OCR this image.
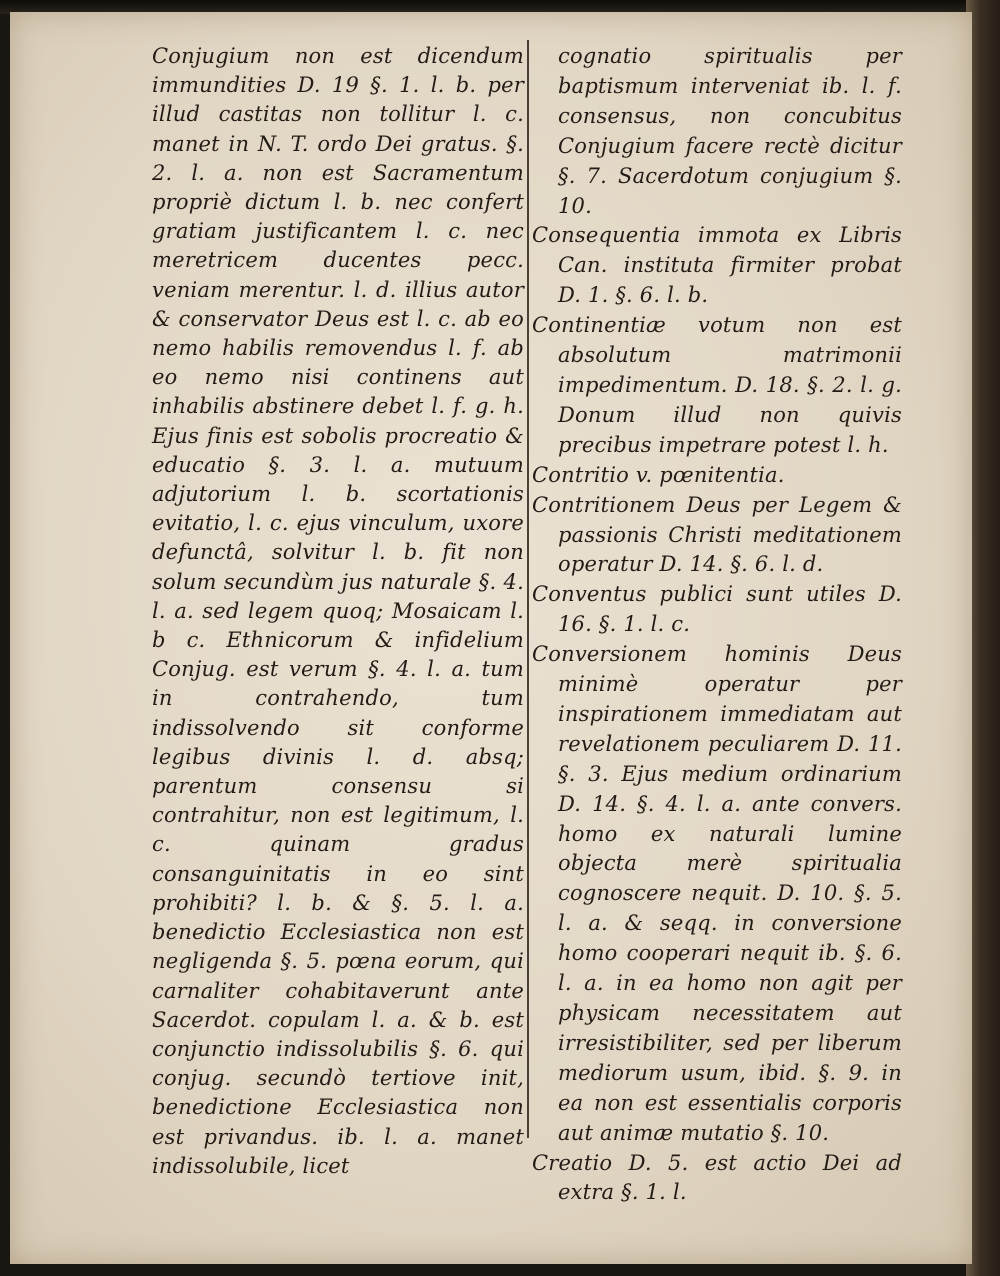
Conjugium non est dicendum immundities D. 19 §. 1. l. b. per illud castitas non tollitur l. c. manet in N. T. ordo Dei gratus. §. 2. l. a. non est Sacramentum propriè dictum l. b. nec confert gratiam justificantem l. c. nec meretricem ducentes pecc. veniam merentur. l. d. illius autor & conservator Deus est l. c. ab eo nemo habilis removendus l. f. ab eo nemo nisi continens aut inhabilis abstinere debet l. f. g. h. Ejus finis est sobolis procreatio & educatio §. 3. l. a. mutuum adjutorium l. b. scortationis evitatio, l. c. ejus vinculum, uxore defunctâ, solvitur l. b. fit non solum secundùm jus naturale §. 4. l. a. sed legem quoq; Mosaicam l. b c. Ethnicorum & infidelium Conjug. est verum §. 4. l. a. tum in contrahendo, tum indissolvendo sit conforme legibus divinis l. d. absq; parentum consensu si contrahitur, non est legitimum, l. c. quinam gradus consanguinitatis in eo sint prohibiti? l. b. & §. 5. l. a. benedictio Ecclesiastica non est negligenda §. 5. pœna eorum, qui carnaliter cohabitaverunt ante Sacerdot. copulam l. a. & b. est conjunctio indissolubilis §. 6. qui conjug. secundò tertiove init, benedictione Ecclesiastica non est privandus. ib. l. a. manet indissolubile, licet

cognatio spiritualis per baptismum interveniat ib. l. f. consensus, non concubitus Conjugium facere rectè dicitur §. 7. Sacerdotum conjugium §. 10.

Consequentia immota ex Libris Can. instituta firmiter probat D. 1. §. 6. l. b.

Continentiæ votum non est absolutum matrimonii impedimentum. D. 18. §. 2. l. g. Donum illud non quivis precibus impetrare potest l. h.

Contritio v. pœnitentia.

Contritionem Deus per Legem & passionis Christi meditationem operatur D. 14. §. 6. l. d.

Conventus publici sunt utiles D. 16. §. 1. l. c.

Conversionem hominis Deus minimè operatur per inspirationem immediatam aut revelationem peculiarem D. 11. §. 3. Ejus medium ordinarium D. 14. §. 4. l. a. ante convers. homo ex naturali lumine objecta merè spiritualia cognoscere nequit. D. 10. §. 5. l. a. & seqq. in conversione homo cooperari nequit ib. §. 6. l. a. in ea homo non agit per physicam necessitatem aut irresistibiliter, sed per liberum mediorum usum, ibid. §. 9. in ea non est essentialis corporis aut animæ mutatio §. 10.

Creatio D. 5. est actio Dei ad extra §. 1. l.
